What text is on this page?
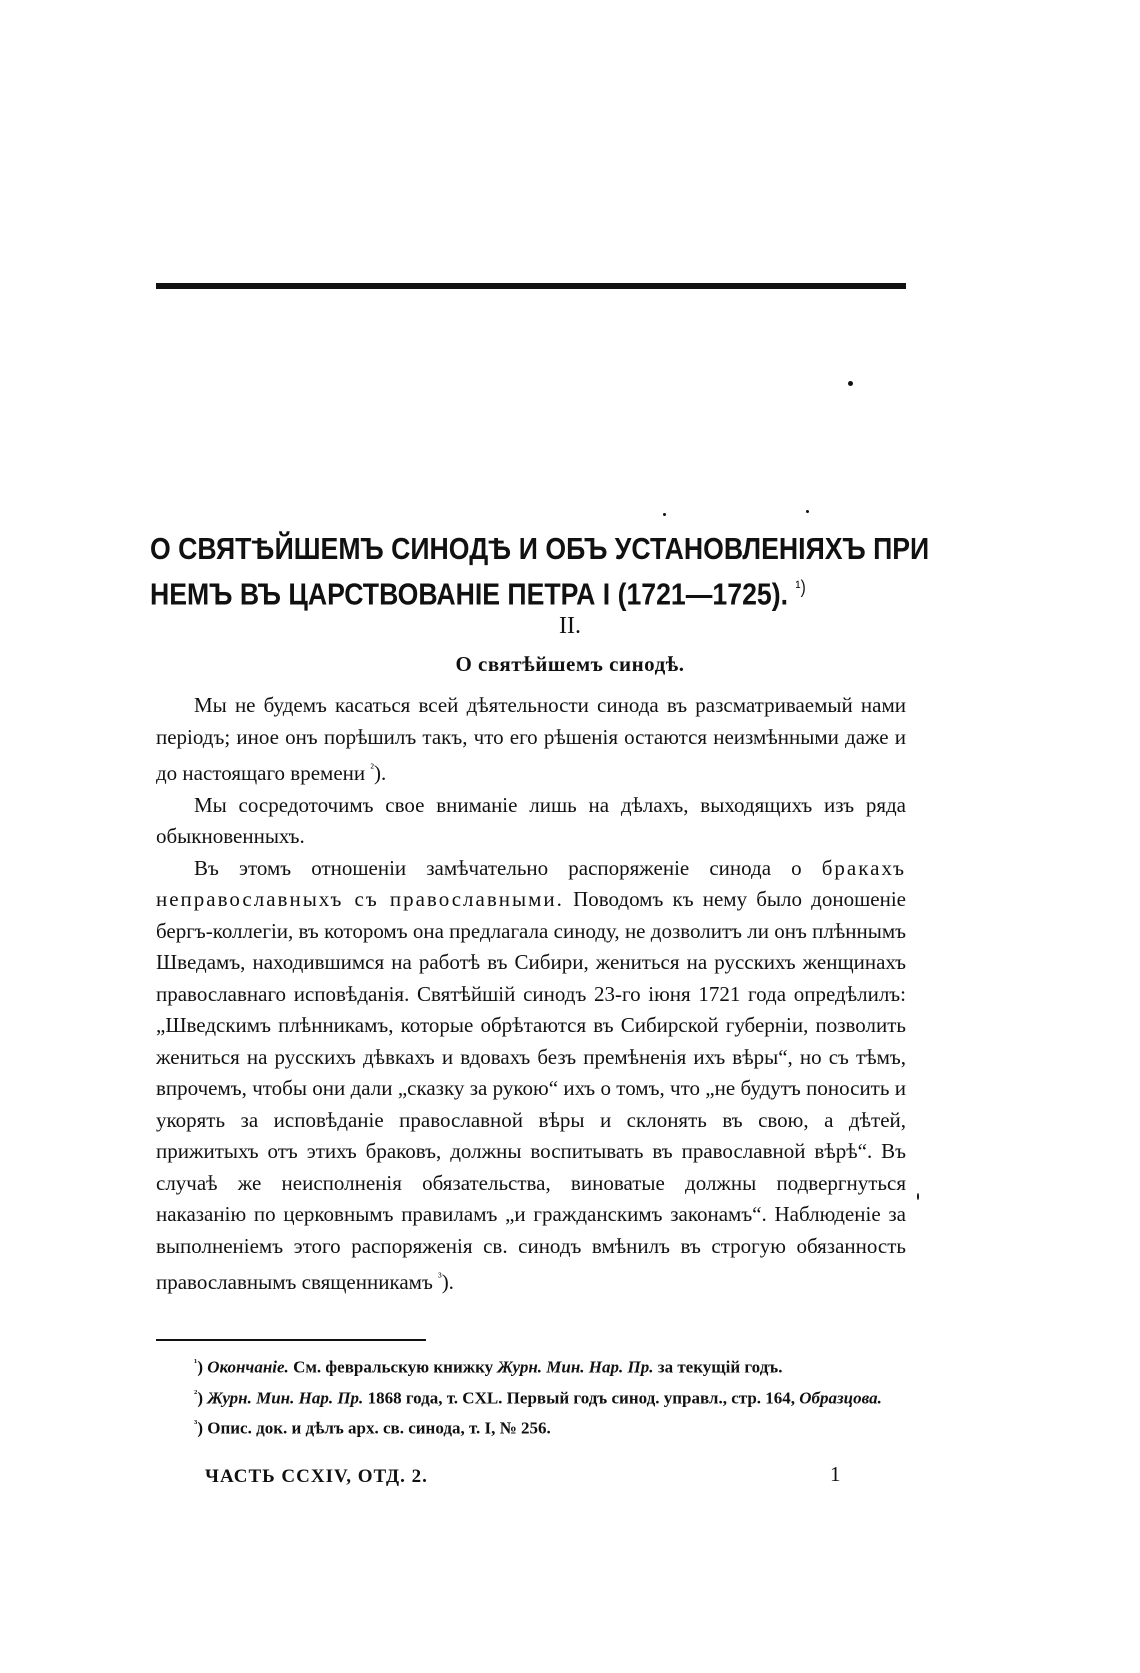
О СВЯТѢЙШЕМЪ СИНОДѢ И ОБЪ УСТАНОВЛЕНІЯХЪ ПРИ
НЕМЪ ВЪ ЦАРСТВОВАНІЕ ПЕТРА I (1721—1725). $^{^1)}$
II.
О святѣйшемъ синодѣ.

Мы не будемъ касаться всей дѣятельности синода въ разсматриваемый нами періодъ; иное онъ порѣшилъ такъ, что его рѣшенія остаются неизмѣнными даже и до настоящаго времени $^{^2}$).

Мы сосредоточимъ свое вниманіе лишь на дѣлахъ, выходящихъ изъ ряда обыкновенныхъ.

Въ этомъ отношеніи замѣчательно распоряженіе синода о бракахъ неправославныхъ съ православными. Поводомъ къ нему было доношеніе бергъ-коллегіи, въ которомъ она предлагала синоду, не дозволитъ ли онъ плѣннымъ Шведамъ, находившимся на работѣ въ Сибири, жениться на русскихъ женщинахъ православнаго исповѣданія. Святѣйшій синодъ 23-го іюня 1721 года опредѣлилъ: „Шведскимъ плѣнникамъ, которые обрѣтаются въ Сибирской губерніи, позволить жениться на русскихъ дѣвкахъ и вдовахъ безъ премѣненія ихъ вѣры“, но съ тѣмъ, впрочемъ, чтобы они дали „сказку за рукою“ ихъ о томъ, что „не будутъ поносить и укорять за исповѣданіе православной вѣры и склонять въ свою, а дѣтей, прижитыхъ отъ этихъ браковъ, должны воспитывать въ православной вѣрѣ“. Въ случаѣ же неисполненія обязательства, виноватые должны подвергнуться наказанію по церковнымъ правиламъ „и гражданскимъ законамъ“. Наблюденіе за выполненіемъ этого распоряженія св. синодъ вмѣнилъ въ строгую обязанность православнымъ священникамъ $^{^3}$).

$^{^1}$) Окончаніе. См. февральскую книжку Журн. Мин. Нар. Пр. за текущій годъ.

$^{^2}$) Журн. Мин. Нар. Пр. 1868 года, т. CXL. Первый годъ синод. управл., стр. 164, Образцова.

$^{^3}$) Опис. док. и дѣлъ арх. св. синода, т. I, № 256.

ЧАСТЬ CCXIV, ОТД. 2.	1
